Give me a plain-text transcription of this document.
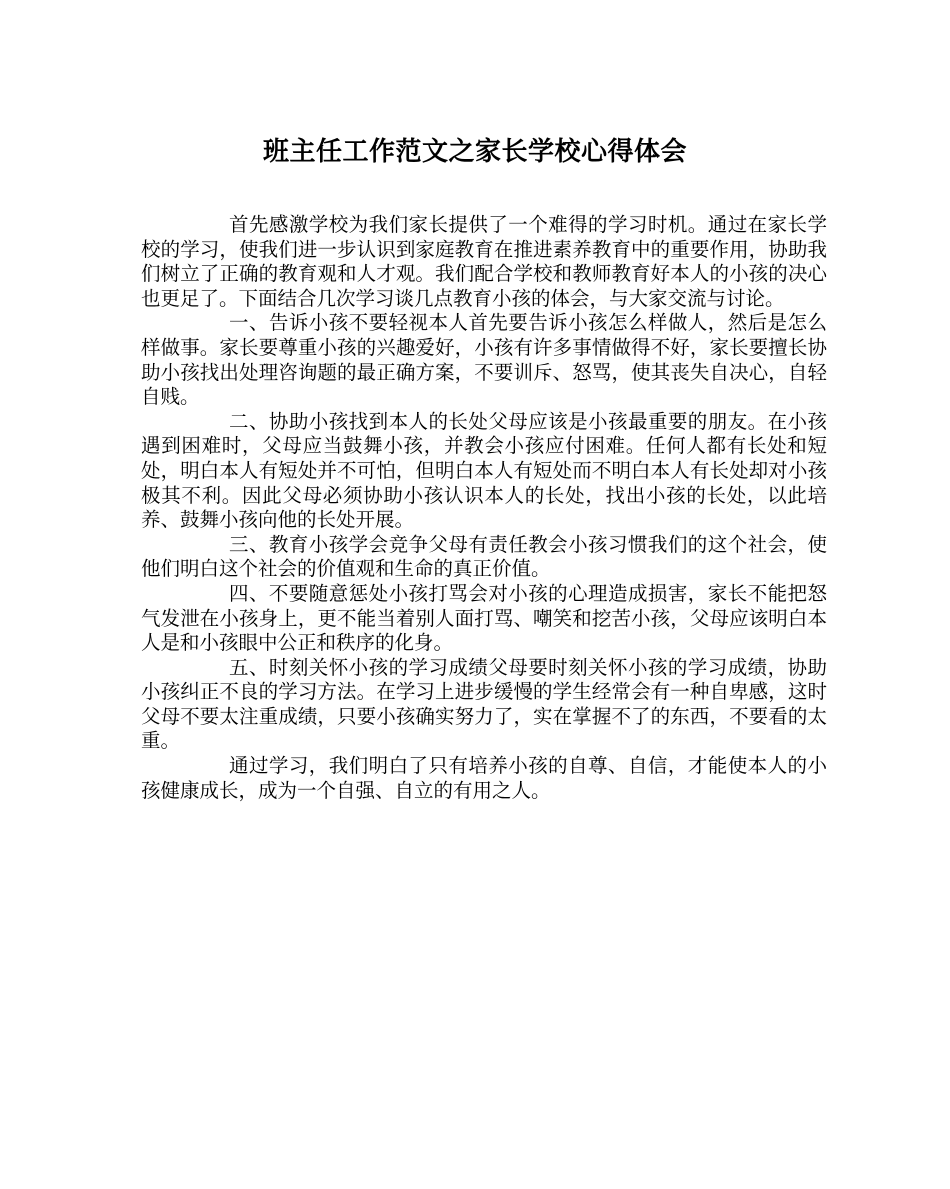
班主任工作范文之家长学校心得体会

首先感激学校为我们家长提供了一个难得的学习时机。通过在家长学校的学习，使我们进一步认识到家庭教育在推进素养教育中的重要作用，协助我们树立了正确的教育观和人才观。我们配合学校和教师教育好本人的小孩的决心也更足了。下面结合几次学习谈几点教育小孩的体会，与大家交流与讨论。

一、告诉小孩不要轻视本人首先要告诉小孩怎么样做人，然后是怎么样做事。家长要尊重小孩的兴趣爱好，小孩有许多事情做得不好，家长要擅长协助小孩找出处理咨询题的最正确方案，不要训斥、怒骂，使其丧失自决心，自轻自贱。

二、协助小孩找到本人的长处父母应该是小孩最重要的朋友。在小孩遇到困难时，父母应当鼓舞小孩，并教会小孩应付困难。任何人都有长处和短处，明白本人有短处并不可怕，但明白本人有短处而不明白本人有长处却对小孩极其不利。因此父母必须协助小孩认识本人的长处，找出小孩的长处，以此培养、鼓舞小孩向他的长处开展。

三、教育小孩学会竞争父母有责任教会小孩习惯我们的这个社会，使他们明白这个社会的价值观和生命的真正价值。

四、不要随意惩处小孩打骂会对小孩的心理造成损害，家长不能把怒气发泄在小孩身上，更不能当着别人面打骂、嘲笑和挖苦小孩，父母应该明白本人是和小孩眼中公正和秩序的化身。

五、时刻关怀小孩的学习成绩父母要时刻关怀小孩的学习成绩，协助小孩纠正不良的学习方法。在学习上进步缓慢的学生经常会有一种自卑感，这时父母不要太注重成绩，只要小孩确实努力了，实在掌握不了的东西，不要看的太重。

通过学习，我们明白了只有培养小孩的自尊、自信，才能使本人的小孩健康成长，成为一个自强、自立的有用之人。
